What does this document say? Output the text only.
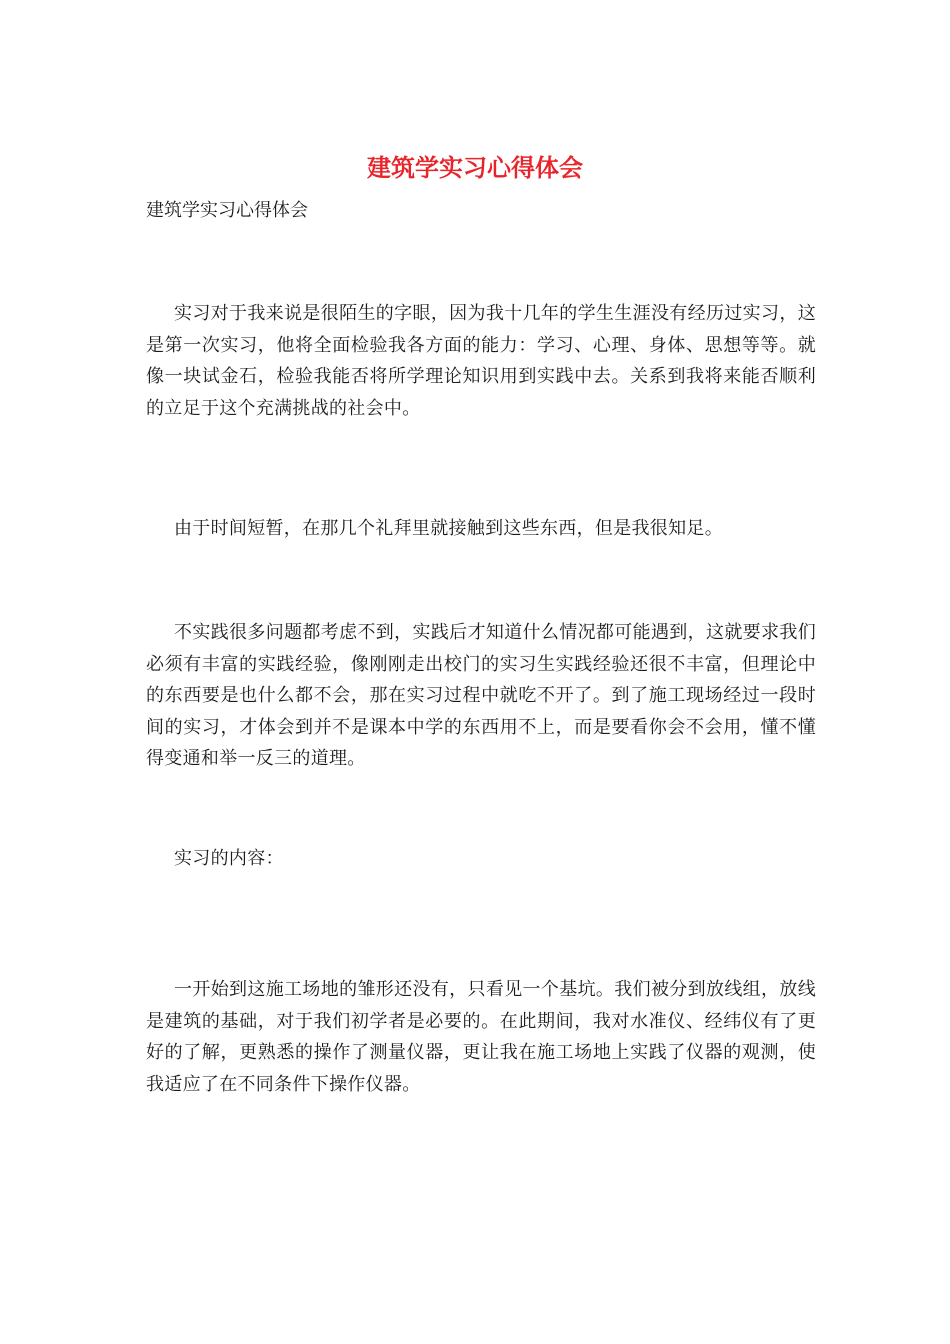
建筑学实习心得体会

建筑学实习心得体会

实习对于我来说是很陌生的字眼，因为我十几年的学生生涯没有经历过实习，这是第一次实习，他将全面检验我各方面的能力：学习、心理、身体、思想等等。就像一块试金石，检验我能否将所学理论知识用到实践中去。关系到我将来能否顺利的立足于这个充满挑战的社会中。

由于时间短暂，在那几个礼拜里就接触到这些东西，但是我很知足。

不实践很多问题都考虑不到，实践后才知道什么情况都可能遇到，这就要求我们必须有丰富的实践经验，像刚刚走出校门的实习生实践经验还很不丰富，但理论中的东西要是也什么都不会，那在实习过程中就吃不开了。到了施工现场经过一段时间的实习，才体会到并不是课本中学的东西用不上，而是要看你会不会用，懂不懂得变通和举一反三的道理。

实习的内容：

一开始到这施工场地的雏形还没有，只看见一个基坑。我们被分到放线组，放线是建筑的基础，对于我们初学者是必要的。在此期间，我对水准仪、经纬仪有了更好的了解，更熟悉的操作了测量仪器，更让我在施工场地上实践了仪器的观测，使我适应了在不同条件下操作仪器。
